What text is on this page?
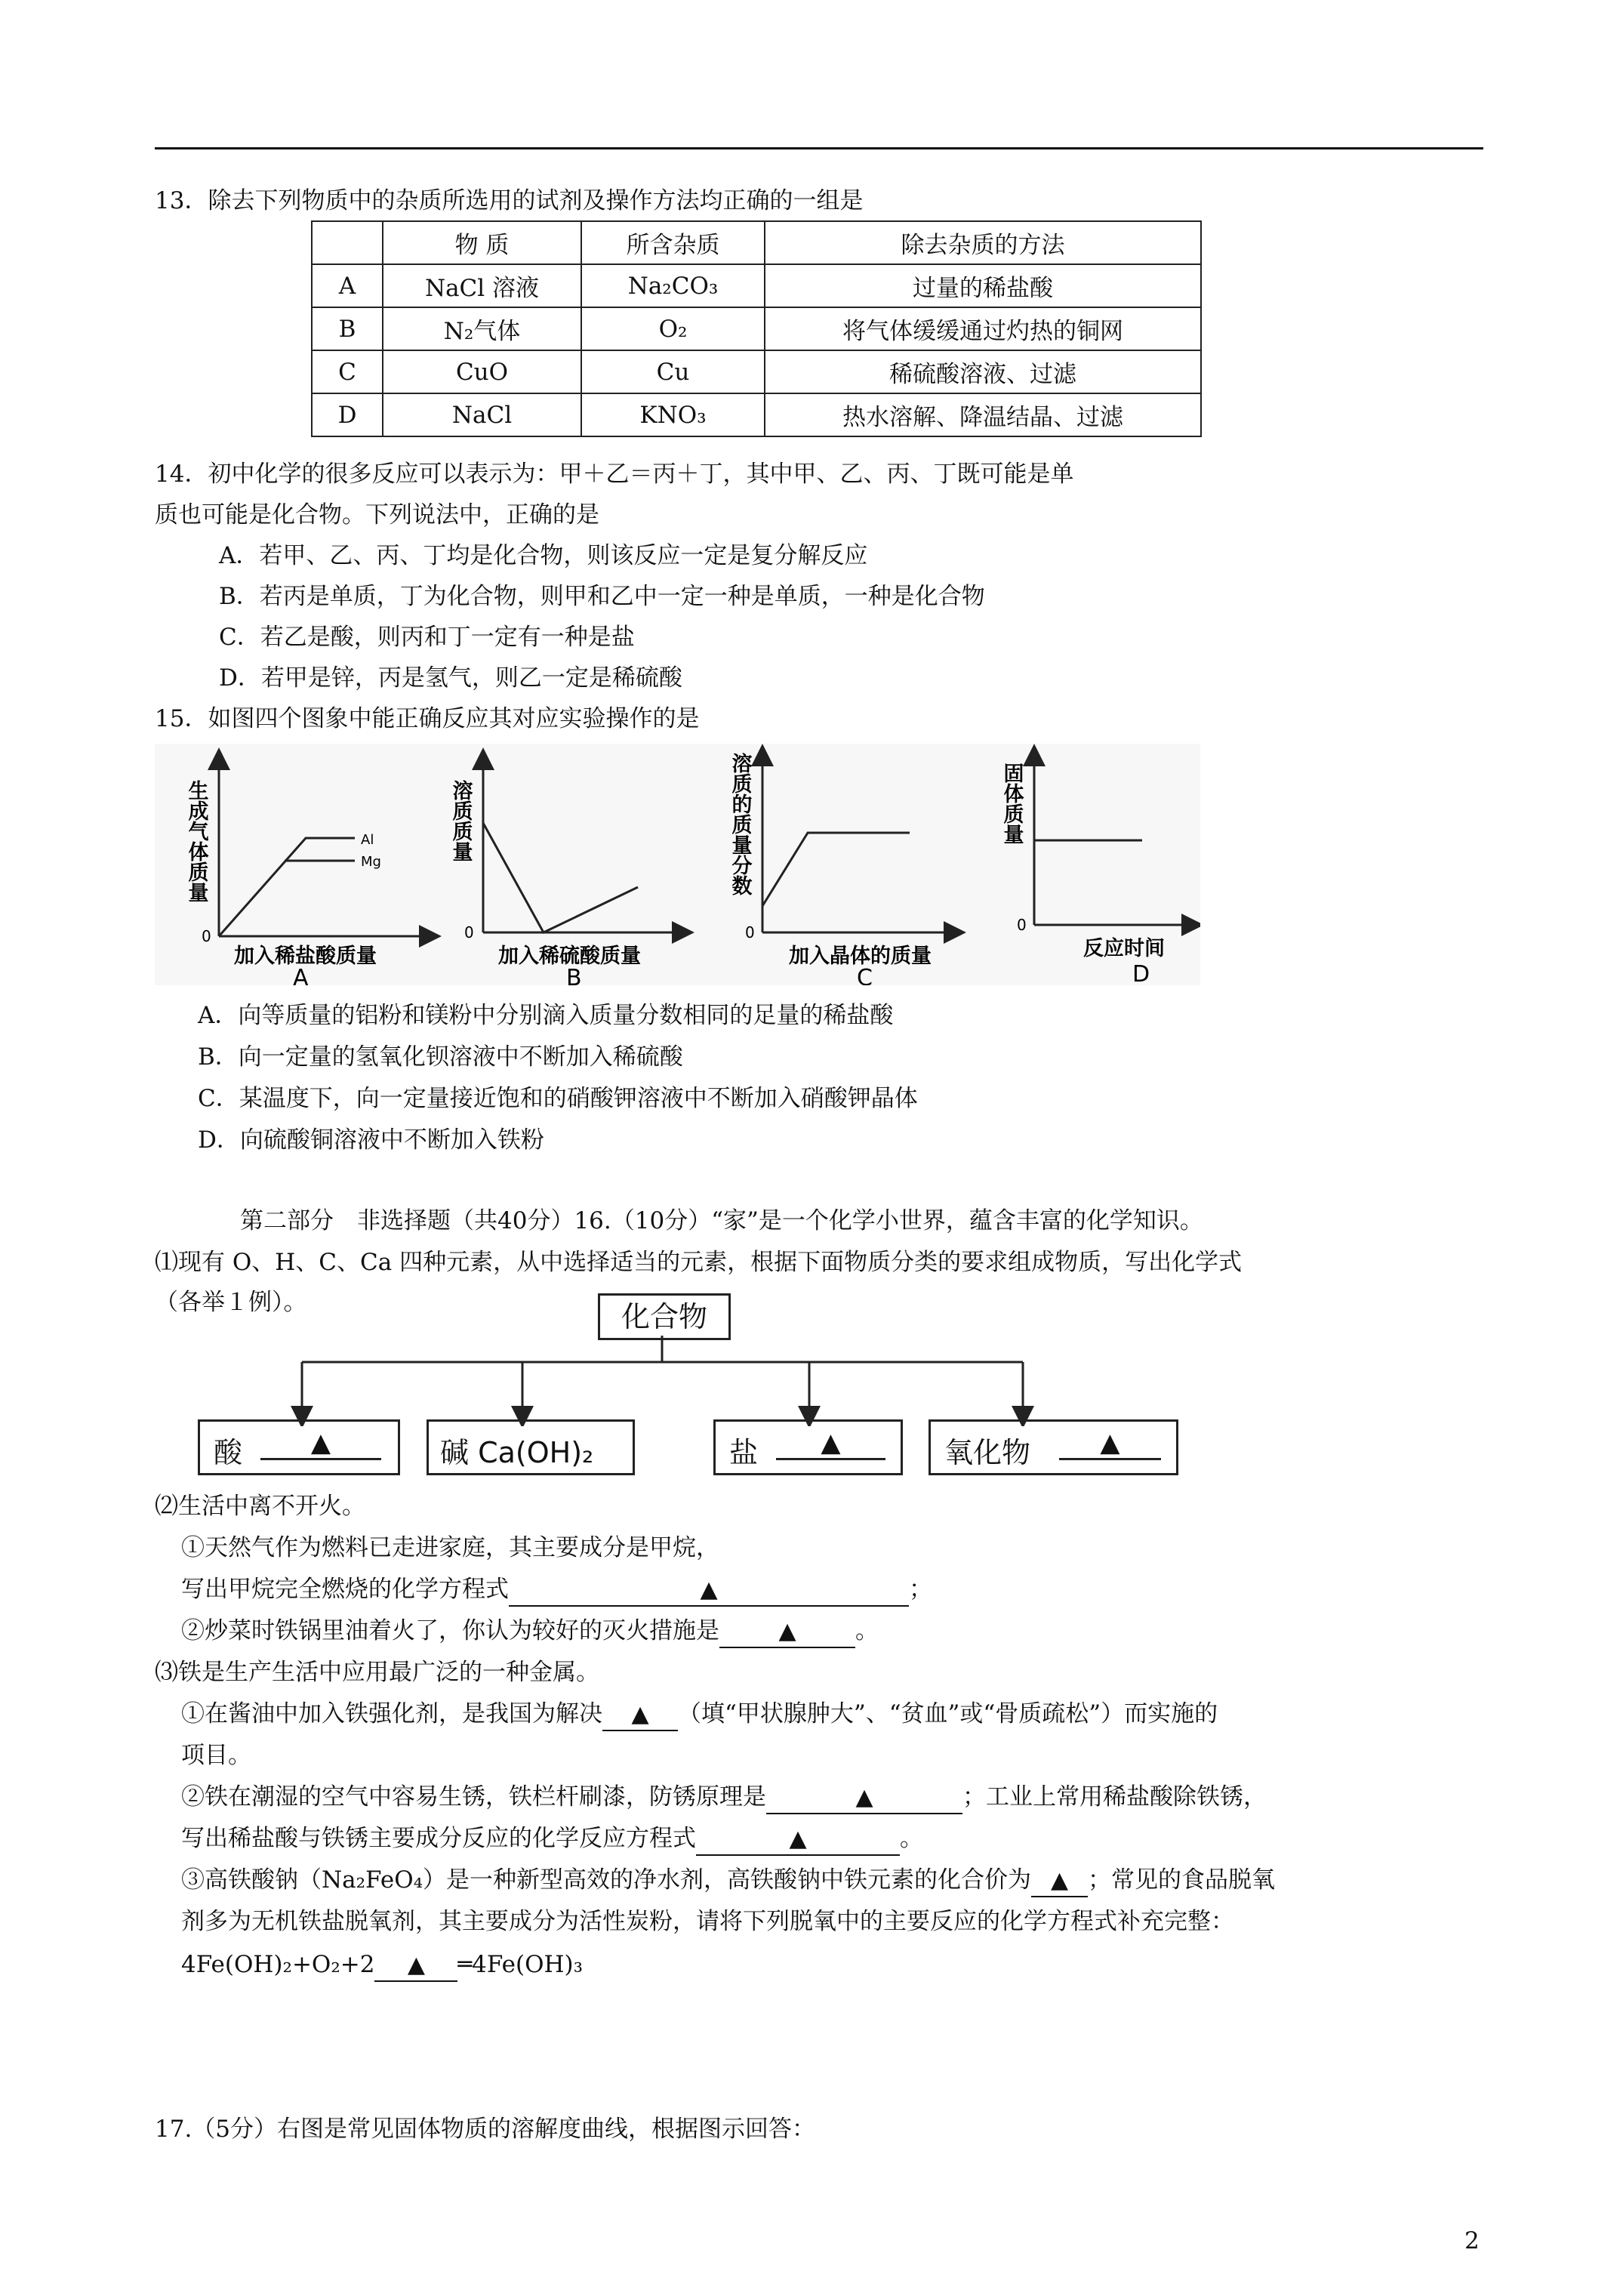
13．除去下列物质中的杂质所选用的试剂及操作方法均正确的一组是
	物 质	所含杂质	除去杂质的方法
A	NaCl 溶液	Na₂CO₃	过量的稀盐酸
B	N₂气体	O₂	将气体缓缓通过灼热的铜网
C	CuO	Cu	稀硫酸溶液、过滤
D	NaCl	KNO₃	热水溶解、降温结晶、过滤
14．初中化学的很多反应可以表示为：甲＋乙＝丙＋丁，其中甲、乙、丙、丁既可能是单
质也可能是化合物。下列说法中，正确的是
A．若甲、乙、丙、丁均是化合物，则该反应一定是复分解反应
B．若丙是单质，丁为化合物，则甲和乙中一定一种是单质，一种是化合物
C．若乙是酸，则丙和丁一定有一种是盐
D．若甲是锌，丙是氢气，则乙一定是稀硫酸
15．如图四个图象中能正确反应其对应实验操作的是
Al
Mg
0
加入稀盐酸质量
A
生成气体质量
0
加入稀硫酸质量
B
溶质质量
0
加入晶体的质量
C
溶质的质量分数
0
反应时间
D
固体质量
A．向等质量的铝粉和镁粉中分别滴入质量分数相同的足量的稀盐酸
B．向一定量的氢氧化钡溶液中不断加入稀硫酸
C．某温度下，向一定量接近饱和的硝酸钾溶液中不断加入硝酸钾晶体
D．向硫酸铜溶液中不断加入铁粉
第二部分　非选择题（共40分）16.（10分）“家”是一个化学小世界，蕴含丰富的化学知识。
⑴现有 O、H、C、Ca 四种元素，从中选择适当的元素，根据下面物质分类的要求组成物质，写出化学式
（各举１例）。	化合物
酸	▲	碱 Ca(OH)₂	盐	▲	氧化物	▲
⑵生活中离不开火。
①天然气作为燃料已走进家庭，其主要成分是甲烷，
写出甲烷完全燃烧的化学方程式	▲	；
②炒菜时铁锅里油着火了，你认为较好的灭火措施是	▲	。
⑶铁是生产生活中应用最广泛的一种金属。
①在酱油中加入铁强化剂，是我国为解决 ▲ （填“甲状腺肿大”、“贫血”或“骨质疏松”）而实施的
项目。
②铁在潮湿的空气中容易生锈，铁栏杆刷漆，防锈原理是	▲	；工业上常用稀盐酸除铁锈，
写出稀盐酸与铁锈主要成分反应的化学反应方程式	▲	。
③高铁酸钠（Na₂FeO₄）是一种新型高效的净水剂，高铁酸钠中铁元素的化合价为 ▲ ；常见的食品脱氧
剂多为无机铁盐脱氧剂，其主要成分为活性炭粉，请将下列脱氧中的主要反应的化学方程式补充完整：
4Fe(OH)₂+O₂+2 ▲ ═4Fe(OH)₃
17.（5分）右图是常见固体物质的溶解度曲线，根据图示回答：
2
